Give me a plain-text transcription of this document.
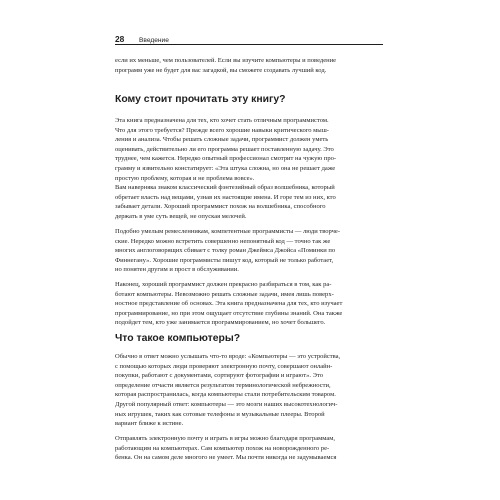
28	Введение

если их меньше, чем пользователей. Если вы изучите компьютеры и поведение
программ уже не будет для вас загадкой, вы сможете создавать лучший код.

Кому стоит прочитать эту книгу?

Эта книга предназначена для тех, кто хочет стать отличным программистом.
Что для этого требуется? Прежде всего хорошие навыки критического мыш-
ления и анализа. Чтобы решать сложные задачи, программист должен уметь
оценивать, действительно ли его программа решает поставленную задачу. Это
труднее, чем кажется. Нередко опытный профессионал смотрит на чужую про-
грамму и язвительно констатирует: «Эта штука сложна, но она не решает даже
простую проблему, которая и не проблема вовсе».

Вам наверняка знаком классический фэнтезийный образ волшебника, который
обретает власть над вещами, узнав их настоящие имена. И горе тем из них, кто
забывает детали. Хороший программист похож на волшебника, способного
держать в уме суть вещей, не опуская мелочей.

Подобно умелым ремесленникам, компетентные программисты — люди творче-
ские. Нередко можно встретить совершенно непонятный код — точно так же
многих англоговорящих сбивает с толку роман Джеймса Джойса «Поминки по
Финнегану». Хорошие программисты пишут код, который не только работает,
но понятен другим и прост в обслуживании.

Наконец, хороший программист должен прекрасно разбираться в том, как ра-
ботают компьютеры. Невозможно решать сложные задачи, имея лишь поверх-
ностное представление об основах. Эта книга предназначена для тех, кто изучает
программирование, но при этом ощущает отсутствие глубины знаний. Она также
подойдет тем, кто уже занимается программированием, но хочет большего.

Что такое компьютеры?

Обычно в ответ можно услышать что-то вроде: «Компьютеры — это устройства,
с помощью которых люди проверяют электронную почту, совершают онлайн-
покупки, работают с документами, сортируют фотографии и играют». Это
определение отчасти является результатом терминологической небрежности,
которая распространилась, когда компьютеры стали потребительским товаром.
Другой популярный ответ: компьютеры — это мозги наших высокотехнологич-
ных игрушек, таких как сотовые телефоны и музыкальные плееры. Второй
вариант ближе к истине.

Отправлять электронную почту и играть в игры можно благодаря программам,
работающим на компьютерах. Сам компьютер похож на новорожденного ре-
бенка. Он на самом деле многого не умеет. Мы почти никогда не задумываемся
